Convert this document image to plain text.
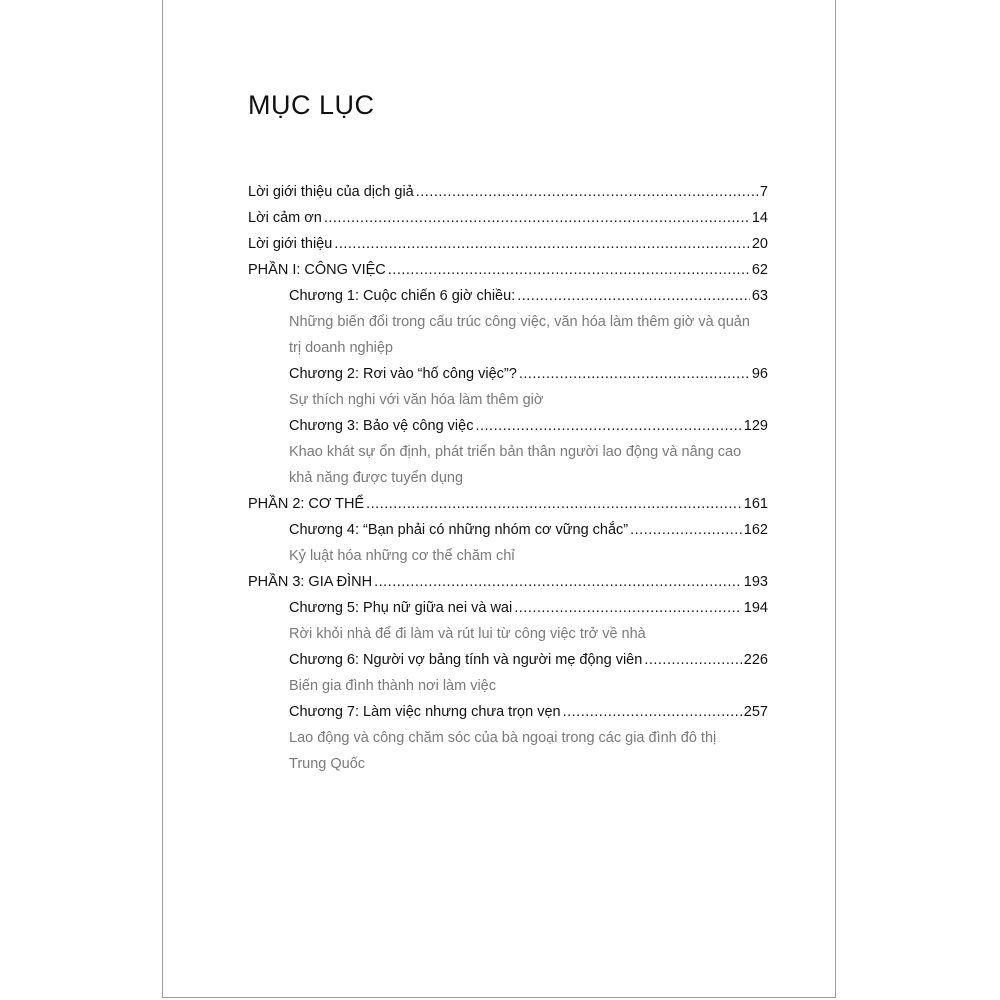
MỤC LỤC
Lời giới thiệu của dịch giả .....	7
Lời cảm ơn .....	14
Lời giới thiệu .....	20
PHẦN I: CÔNG VIỆC .....	62
Chương 1: Cuộc chiến 6 giờ chiều: .....	63
Những biến đổi trong cấu trúc công việc, văn hóa làm thêm giờ và quản
trị doanh nghiệp
Chương 2: Rơi vào “hố công việc”? .....	96
Sự thích nghi với văn hóa làm thêm giờ
Chương 3: Bảo vệ công việc .....	129
Khao khát sự ổn định, phát triển bản thân người lao động và nâng cao
khả năng được tuyển dụng
PHẦN 2: CƠ THỂ .....	161
Chương 4: “Bạn phải có những nhóm cơ vững chắc” .....	162
Kỷ luật hóa những cơ thể chăm chỉ
PHẦN 3: GIA ĐÌNH .....	193
Chương 5: Phụ nữ giữa nei và wai .....	194
Rời khỏi nhà để đi làm và rút lui từ công việc trở về nhà
Chương 6: Người vợ bảng tính và người mẹ động viên .....	226
Biến gia đình thành nơi làm việc
Chương 7: Làm việc nhưng chưa trọn vẹn .....	257
Lao động và công chăm sóc của bà ngoại trong các gia đình đô thị
Trung Quốc
